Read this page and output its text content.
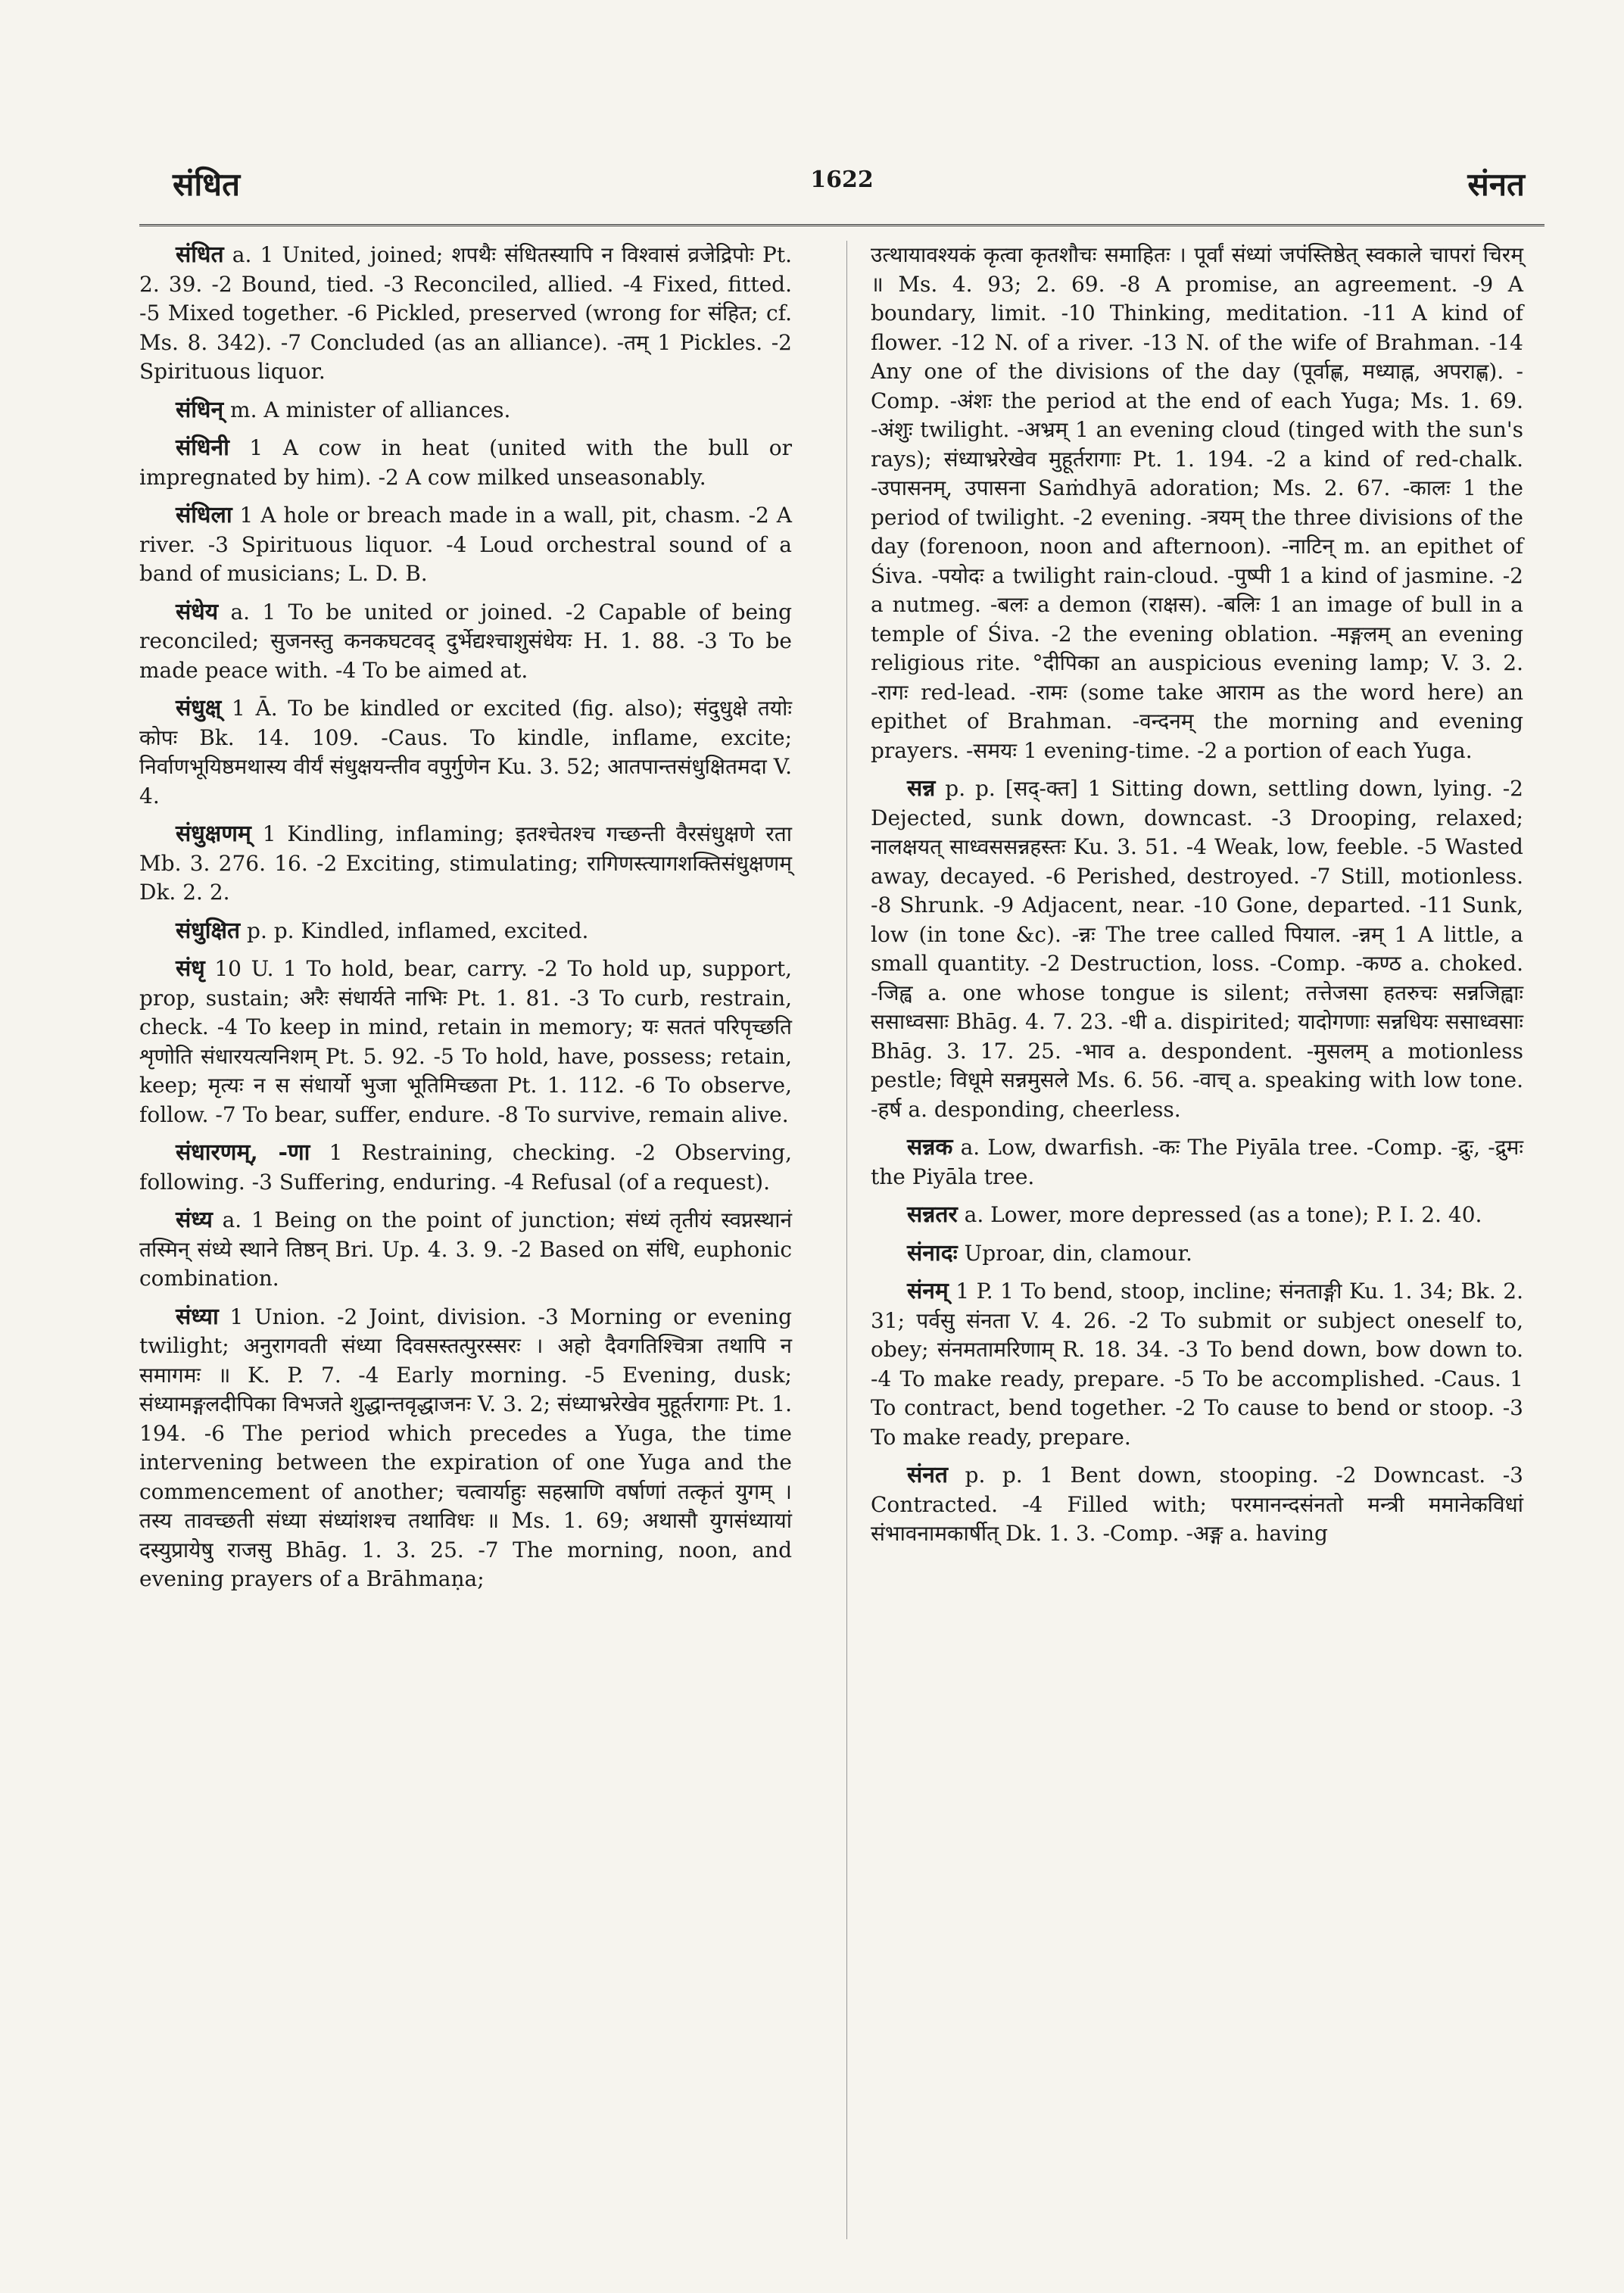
संधित	1622	संनत

संधित a. 1 United, joined; शपथैः संधितस्यापि न विश्वासं व्रजेद्रिपोः Pt. 2. 39. -2 Bound, tied. -3 Reconciled, allied. -4 Fixed, fitted. -5 Mixed together. -6 Pickled, preserved (wrong for संहित; cf. Ms. 8. 342). -7 Concluded (as an alliance). -तम् 1 Pickles. -2 Spirituous liquor.

संधिन् m. A minister of alliances.

संधिनी 1 A cow in heat (united with the bull or impregnated by him). -2 A cow milked unseasonably.

संधिला 1 A hole or breach made in a wall, pit, chasm. -2 A river. -3 Spirituous liquor. -4 Loud orchestral sound of a band of musicians; L. D. B.

संधेय a. 1 To be united or joined. -2 Capable of being reconciled; सुजनस्तु कनकघटवद् दुर्भेद्यश्चाशुसंधेयः H. 1. 88. -3 To be made peace with. -4 To be aimed at.

संधुक्ष् 1 Ā. To be kindled or excited (fig. also); संदुधुक्षे तयोः कोपः Bk. 14. 109. -Caus. To kindle, inflame, excite; निर्वाणभूयिष्ठमथास्य वीर्यं संधुक्षयन्तीव वपुर्गुणेन Ku. 3. 52; आतपान्तसंधुक्षितमदा V. 4.

संधुक्षणम् 1 Kindling, inflaming; इतश्चेतश्च गच्छन्ती वैरसंधुक्षणे रता Mb. 3. 276. 16. -2 Exciting, stimulating; रागिणस्त्यागशक्तिसंधुक्षणम् Dk. 2. 2.

संधुक्षित p. p. Kindled, inflamed, excited.

संधृ 10 U. 1 To hold, bear, carry. -2 To hold up, support, prop, sustain; अरैः संधार्यते नाभिः Pt. 1. 81. -3 To curb, restrain, check. -4 To keep in mind, retain in memory; यः सततं परिपृच्छति शृणोति संधारयत्यनिशम् Pt. 5. 92. -5 To hold, have, possess; retain, keep; मृत्यः न स संधार्यो भुजा भूतिमिच्छता Pt. 1. 112. -6 To observe, follow. -7 To bear, suffer, endure. -8 To survive, remain alive.

संधारणम्, -णा 1 Restraining, checking. -2 Observing, following. -3 Suffering, enduring. -4 Refusal (of a request).

संध्य a. 1 Being on the point of junction; संध्यं तृतीयं स्वप्नस्थानं तस्मिन् संध्ये स्थाने तिष्ठन् Bri. Up. 4. 3. 9. -2 Based on संधि, euphonic combination.

संध्या 1 Union. -2 Joint, division. -3 Morning or evening twilight; अनुरागवती संध्या दिवसस्तत्पुरस्सरः । अहो दैवगतिश्चित्रा तथापि न समागमः ॥ K. P. 7. -4 Early morning. -5 Evening, dusk; संध्यामङ्गलदीपिका विभजते शुद्धान्तवृद्धाजनः V. 3. 2; संध्याभ्ररेखेव मुहूर्तरागाः Pt. 1. 194. -6 The period which precedes a Yuga, the time intervening between the expiration of one Yuga and the commencement of another; चत्वार्याहुः सहस्राणि वर्षाणां तत्कृतं युगम् । तस्य तावच्छती संध्या संध्यांशश्च तथाविधः ॥ Ms. 1. 69; अथासौ युगसंध्यायां दस्युप्रायेषु राजसु Bhāg. 1. 3. 25. -7 The morning, noon, and evening prayers of a Brāhmaṇa;

उत्थायावश्यकं कृत्वा कृतशौचः समाहितः । पूर्वां संध्यां जपंस्तिष्ठेत् स्वकाले चापरां चिरम् ॥ Ms. 4. 93; 2. 69. -8 A promise, an agreement. -9 A boundary, limit. -10 Thinking, meditation. -11 A kind of flower. -12 N. of a river. -13 N. of the wife of Brahman. -14 Any one of the divisions of the day (पूर्वाह्ण, मध्याह्न, अपराह्ण). -Comp. -अंशः the period at the end of each Yuga; Ms. 1. 69. -अंशुः twilight. -अभ्रम् 1 an evening cloud (tinged with the sun's rays); संध्याभ्ररेखेव मुहूर्तरागाः Pt. 1. 194. -2 a kind of red-chalk. -उपासनम्, उपासना Saṁdhyā adoration; Ms. 2. 67. -कालः 1 the period of twilight. -2 evening. -त्रयम् the three divisions of the day (forenoon, noon and afternoon). -नाटिन् m. an epithet of Śiva. -पयोदः a twilight rain-cloud. -पुष्पी 1 a kind of jasmine. -2 a nutmeg. -बलः a demon (राक्षस). -बलिः 1 an image of bull in a temple of Śiva. -2 the evening oblation. -मङ्गलम् an evening religious rite. °दीपिका an auspicious evening lamp; V. 3. 2. -रागः red-lead. -रामः (some take आराम as the word here) an epithet of Brahman. -वन्दनम् the morning and evening prayers. -समयः 1 evening-time. -2 a portion of each Yuga.

सन्न p. p. [सद्-क्त] 1 Sitting down, settling down, lying. -2 Dejected, sunk down, downcast. -3 Drooping, relaxed; नालक्षयत् साध्वससन्नहस्तः Ku. 3. 51. -4 Weak, low, feeble. -5 Wasted away, decayed. -6 Perished, destroyed. -7 Still, motionless. -8 Shrunk. -9 Adjacent, near. -10 Gone, departed. -11 Sunk, low (in tone &c). -न्नः The tree called पियाल. -न्नम् 1 A little, a small quantity. -2 Destruction, loss. -Comp. -कण्ठ a. choked. -जिह्व a. one whose tongue is silent; तत्तेजसा हतरुचः सन्नजिह्वाः ससाध्वसाः Bhāg. 4. 7. 23. -धी a. dispirited; यादोगणाः सन्नधियः ससाध्वसाः Bhāg. 3. 17. 25. -भाव a. despondent. -मुसलम् a motionless pestle; विधूमे सन्नमुसले Ms. 6. 56. -वाच् a. speaking with low tone. -हर्ष a. desponding, cheerless.

सन्नक a. Low, dwarfish. -कः The Piyāla tree. -Comp. -द्रुः, -द्रुमः the Piyāla tree.

सन्नतर a. Lower, more depressed (as a tone); P. I. 2. 40.

संनादः Uproar, din, clamour.

संनम् 1 P. 1 To bend, stoop, incline; संनताङ्गी Ku. 1. 34; Bk. 2. 31; पर्वसु संनता V. 4. 26. -2 To submit or subject oneself to, obey; संनमतामरिणाम् R. 18. 34. -3 To bend down, bow down to. -4 To make ready, prepare. -5 To be accomplished. -Caus. 1 To contract, bend together. -2 To cause to bend or stoop. -3 To make ready, prepare.

संनत p. p. 1 Bent down, stooping. -2 Downcast. -3 Contracted. -4 Filled with; परमानन्दसंनतो मन्त्री ममानेकविधां संभावनामकार्षीत् Dk. 1. 3. -Comp. -अङ्ग a. having
